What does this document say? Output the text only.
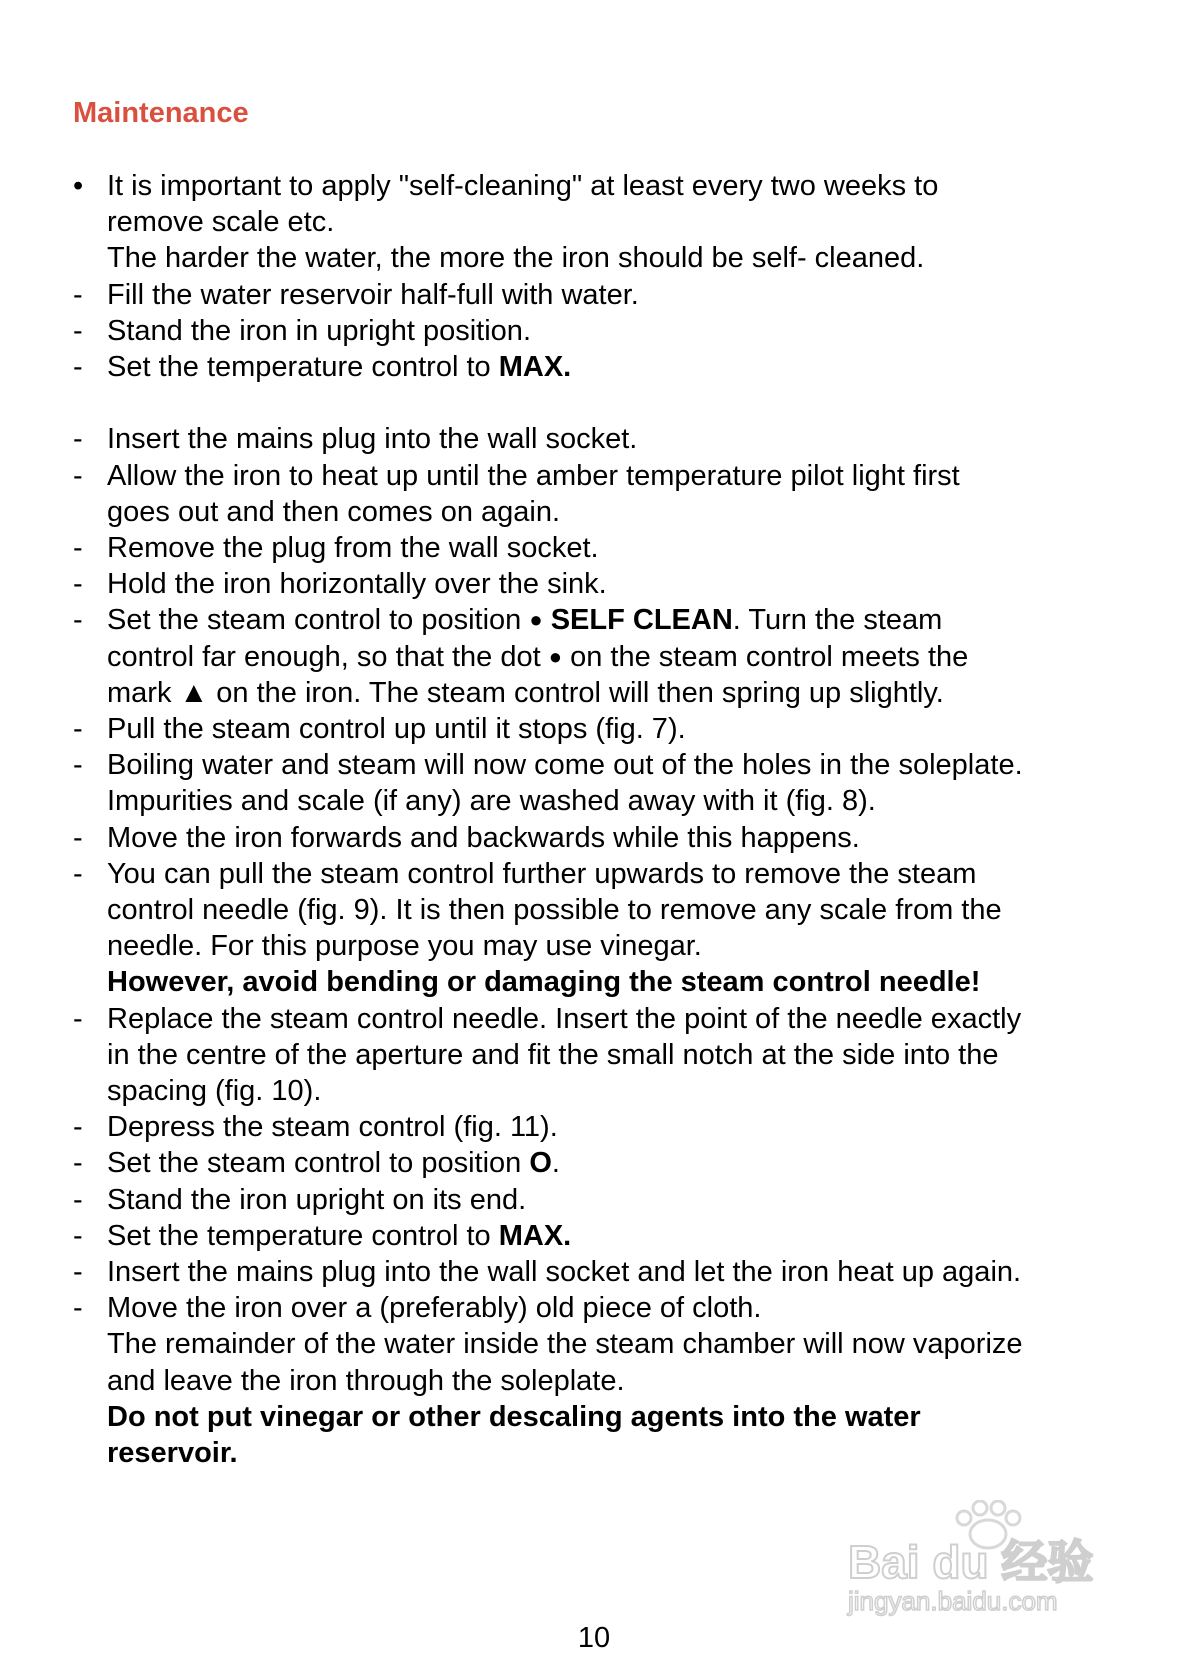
Maintenance
• It is important to apply "self-cleaning" at least every two weeks to
remove scale etc.
The harder the water, the more the iron should be self- cleaned.
- Fill the water reservoir half-full with water.
- Stand the iron in upright position.
- Set the temperature control to MAX.
- Insert the mains plug into the wall socket.
- Allow the iron to heat up until the amber temperature pilot light first
goes out and then comes on again.
- Remove the plug from the wall socket.
- Hold the iron horizontally over the sink.
- Set the steam control to position ● SELF CLEAN. Turn the steam
control far enough, so that the dot ● on the steam control meets the
mark ▲ on the iron. The steam control will then spring up slightly.
- Pull the steam control up until it stops (fig. 7).
- Boiling water and steam will now come out of the holes in the soleplate.
Impurities and scale (if any) are washed away with it (fig. 8).
- Move the iron forwards and backwards while this happens.
- You can pull the steam control further upwards to remove the steam
control needle (fig. 9). It is then possible to remove any scale from the
needle. For this purpose you may use vinegar.
However, avoid bending or damaging the steam control needle!
- Replace the steam control needle. Insert the point of the needle exactly
in the centre of the aperture and fit the small notch at the side into the
spacing (fig. 10).
- Depress the steam control (fig. 11).
- Set the steam control to position O.
- Stand the iron upright on its end.
- Set the temperature control to MAX.
- Insert the mains plug into the wall socket and let the iron heat up again.
- Move the iron over a (preferably) old piece of cloth.
The remainder of the water inside the steam chamber will now vaporize
and leave the iron through the soleplate.
Do not put vinegar or other descaling agents into the water
reservoir.
Bai du 经验
jingyan.baidu.com
10
